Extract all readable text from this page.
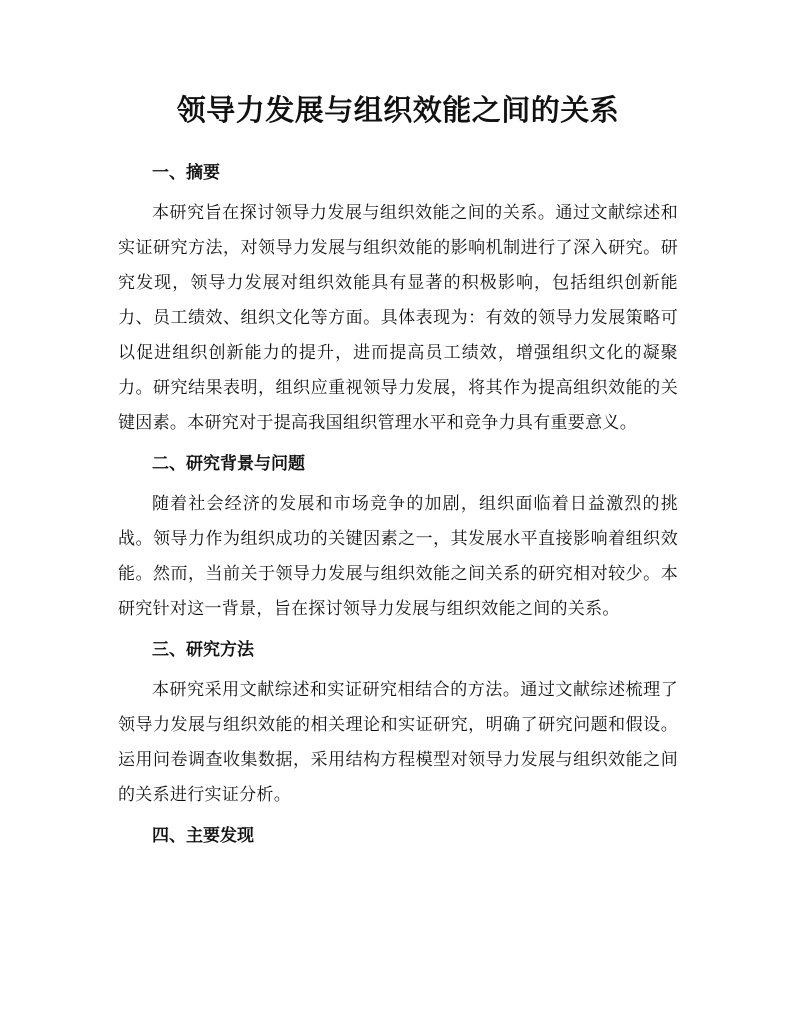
领导力发展与组织效能之间的关系
一、摘要

本研究旨在探讨领导力发展与组织效能之间的关系。通过文献综述和实证研究方法，对领导力发展与组织效能的影响机制进行了深入研究。研究发现，领导力发展对组织效能具有显著的积极影响，包括组织创新能力、员工绩效、组织文化等方面。具体表现为：有效的领导力发展策略可以促进组织创新能力的提升，进而提高员工绩效，增强组织文化的凝聚力。研究结果表明，组织应重视领导力发展，将其作为提高组织效能的关键因素。本研究对于提高我国组织管理水平和竞争力具有重要意义。

二、研究背景与问题

随着社会经济的发展和市场竞争的加剧，组织面临着日益激烈的挑战。领导力作为组织成功的关键因素之一，其发展水平直接影响着组织效能。然而，当前关于领导力发展与组织效能之间关系的研究相对较少。本研究针对这一背景，旨在探讨领导力发展与组织效能之间的关系。

三、研究方法

本研究采用文献综述和实证研究相结合的方法。通过文献综述梳理了领导力发展与组织效能的相关理论和实证研究，明确了研究问题和假设。运用问卷调查收集数据，采用结构方程模型对领导力发展与组织效能之间的关系进行实证分析。

四、主要发现
